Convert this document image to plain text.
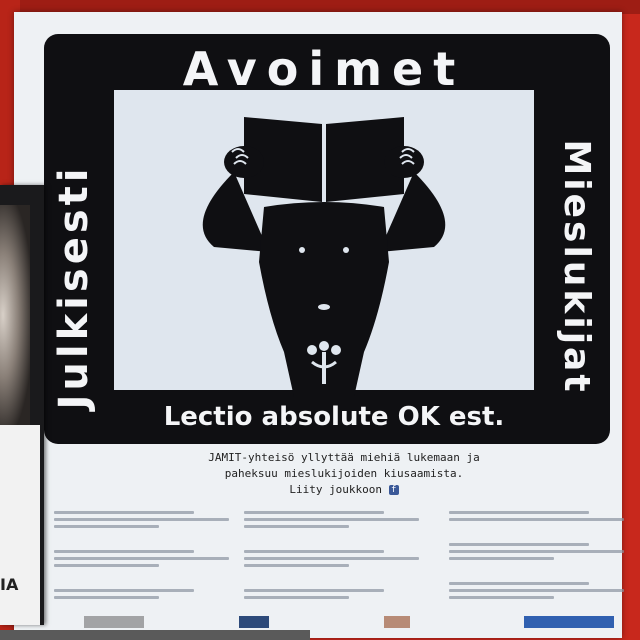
Avoimet
Julkisesti	Mieslukijat
Lectio absolute OK est.
JAMIT-yhteisö yllyttää miehiä lukemaan ja
paheksuu mieslukijoiden kiusaamista.
Liity joukkoon f
IA
